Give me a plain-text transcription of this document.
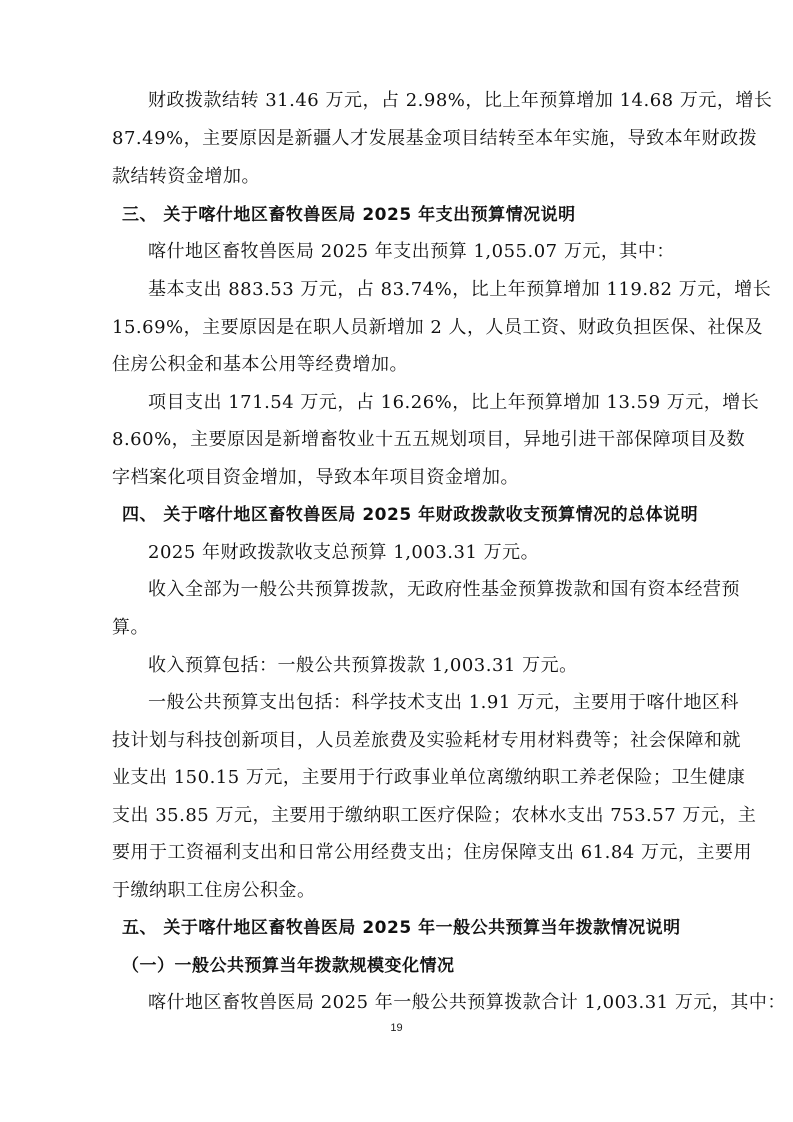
财政拨款结转 31.46 万元，占 2.98%，比上年预算增加 14.68 万元，增长
87.49%，主要原因是新疆人才发展基金项目结转至本年实施，导致本年财政拨
款结转资金增加。
三、 关于喀什地区畜牧兽医局 2025 年支出预算情况说明
喀什地区畜牧兽医局 2025 年支出预算 1,055.07 万元，其中：
基本支出 883.53 万元，占 83.74%，比上年预算增加 119.82 万元，增长
15.69%，主要原因是在职人员新增加 2 人，人员工资、财政负担医保、社保及
住房公积金和基本公用等经费增加。
项目支出 171.54 万元，占 16.26%，比上年预算增加 13.59 万元，增长
8.60%，主要原因是新增畜牧业十五五规划项目，异地引进干部保障项目及数
字档案化项目资金增加，导致本年项目资金增加。
四、 关于喀什地区畜牧兽医局 2025 年财政拨款收支预算情况的总体说明
2025 年财政拨款收支总预算 1,003.31 万元。
收入全部为一般公共预算拨款，无政府性基金预算拨款和国有资本经营预
算。
收入预算包括：一般公共预算拨款 1,003.31 万元。
一般公共预算支出包括：科学技术支出 1.91 万元，主要用于喀什地区科
技计划与科技创新项目，人员差旅费及实验耗材专用材料费等；社会保障和就
业支出 150.15 万元，主要用于行政事业单位离缴纳职工养老保险；卫生健康
支出 35.85 万元，主要用于缴纳职工医疗保险；农林水支出 753.57 万元，主
要用于工资福利支出和日常公用经费支出；住房保障支出 61.84 万元，主要用
于缴纳职工住房公积金。
五、 关于喀什地区畜牧兽医局 2025 年一般公共预算当年拨款情况说明
（一）一般公共预算当年拨款规模变化情况
喀什地区畜牧兽医局 2025 年一般公共预算拨款合计 1,003.31 万元，其中：
19
